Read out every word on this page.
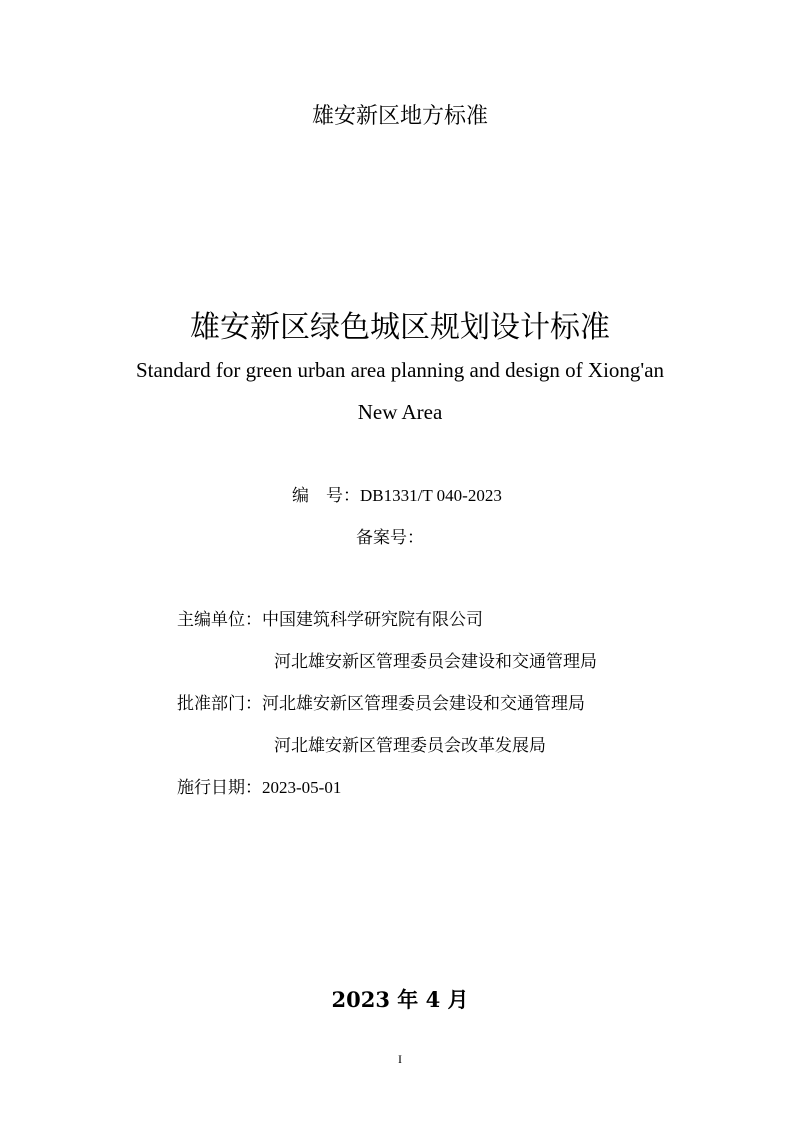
雄安新区地方标准
雄安新区绿色城区规划设计标准
Standard for green urban area planning and design of Xiong'an
New Area
编　号：DB1331/T 040-2023
备案号：
主编单位：中国建筑科学研究院有限公司
河北雄安新区管理委员会建设和交通管理局
批准部门：河北雄安新区管理委员会建设和交通管理局
河北雄安新区管理委员会改革发展局
施行日期：2023-05-01
2023 年 4 月
I
